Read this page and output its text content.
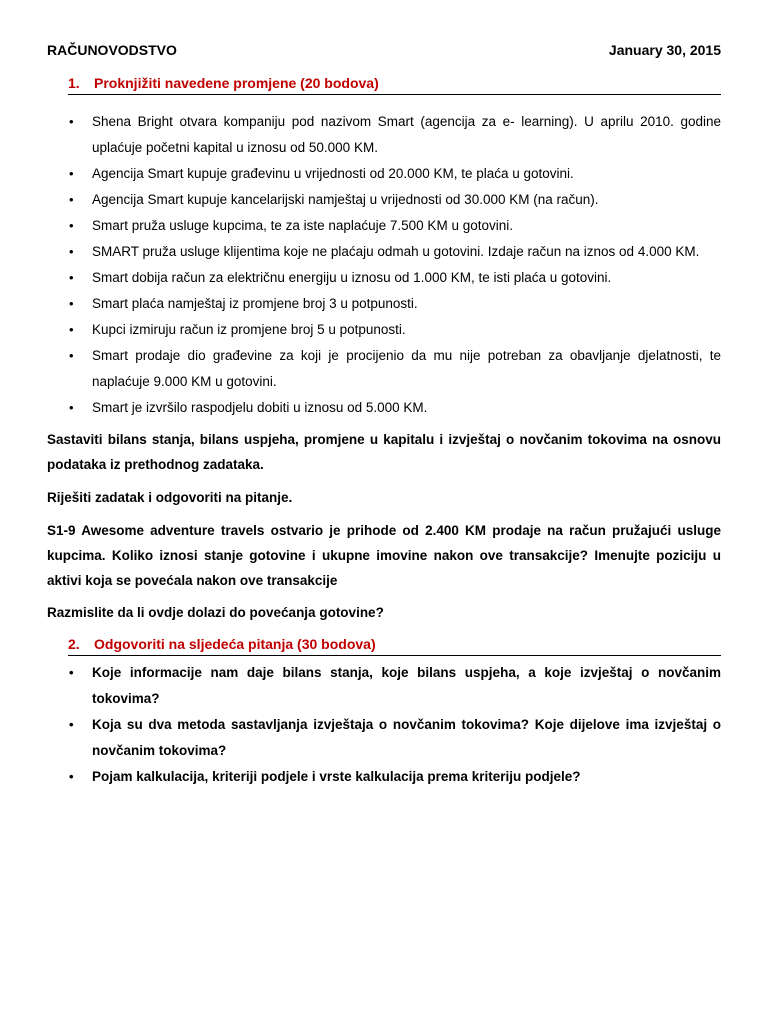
RAČUNOVODSTVO	January 30, 2015
1. Proknjižiti navedene promjene (20 bodova)
• Shena Bright otvara kompaniju pod nazivom Smart (agencija za e- learning). U aprilu 2010. godine uplaćuje početni kapital u iznosu od 50.000 KM.
• Agencija Smart kupuje građevinu u vrijednosti od 20.000 KM, te plaća u gotovini.
• Agencija Smart kupuje kancelarijski namještaj u vrijednosti od 30.000 KM (na račun).
• Smart pruža usluge kupcima, te za iste naplaćuje 7.500 KM u gotovini.
• SMART pruža usluge klijentima koje ne plaćaju odmah u gotovini. Izdaje račun na iznos od 4.000 KM.
• Smart dobija račun za električnu energiju u iznosu od 1.000 KM, te isti plaća u gotovini.
• Smart plaća namještaj iz promjene broj 3 u potpunosti.
• Kupci izmiruju račun iz promjene broj 5 u potpunosti.
• Smart prodaje dio građevine za koji je procijenio da mu nije potreban za obavljanje djelatnosti, te naplaćuje 9.000 KM u gotovini.
• Smart je izvršilo raspodjelu dobiti u iznosu od 5.000 KM.
Sastaviti bilans stanja, bilans uspjeha, promjene u kapitalu i izvještaj o novčanim tokovima na osnovu podataka iz prethodnog zadataka.
Riješiti zadatak i odgovoriti na pitanje.
S1-9 Awesome adventure travels ostvario je prihode od 2.400 KM prodaje na račun pružajući usluge kupcima. Koliko iznosi stanje gotovine i ukupne imovine nakon ove transakcije? Imenujte poziciju u aktivi koja se povećala nakon ove transakcije
Razmislite da li ovdje dolazi do povećanja gotovine?
2. Odgovoriti na sljedeća pitanja (30 bodova)
• Koje informacije nam daje bilans stanja, koje bilans uspjeha, a koje izvještaj o novčanim tokovima?
• Koja su dva metoda sastavljanja izvještaja o novčanim tokovima? Koje dijelove ima izvještaj o novčanim tokovima?
• Pojam kalkulacija, kriteriji podjele i vrste kalkulacija prema kriteriju podjele?
